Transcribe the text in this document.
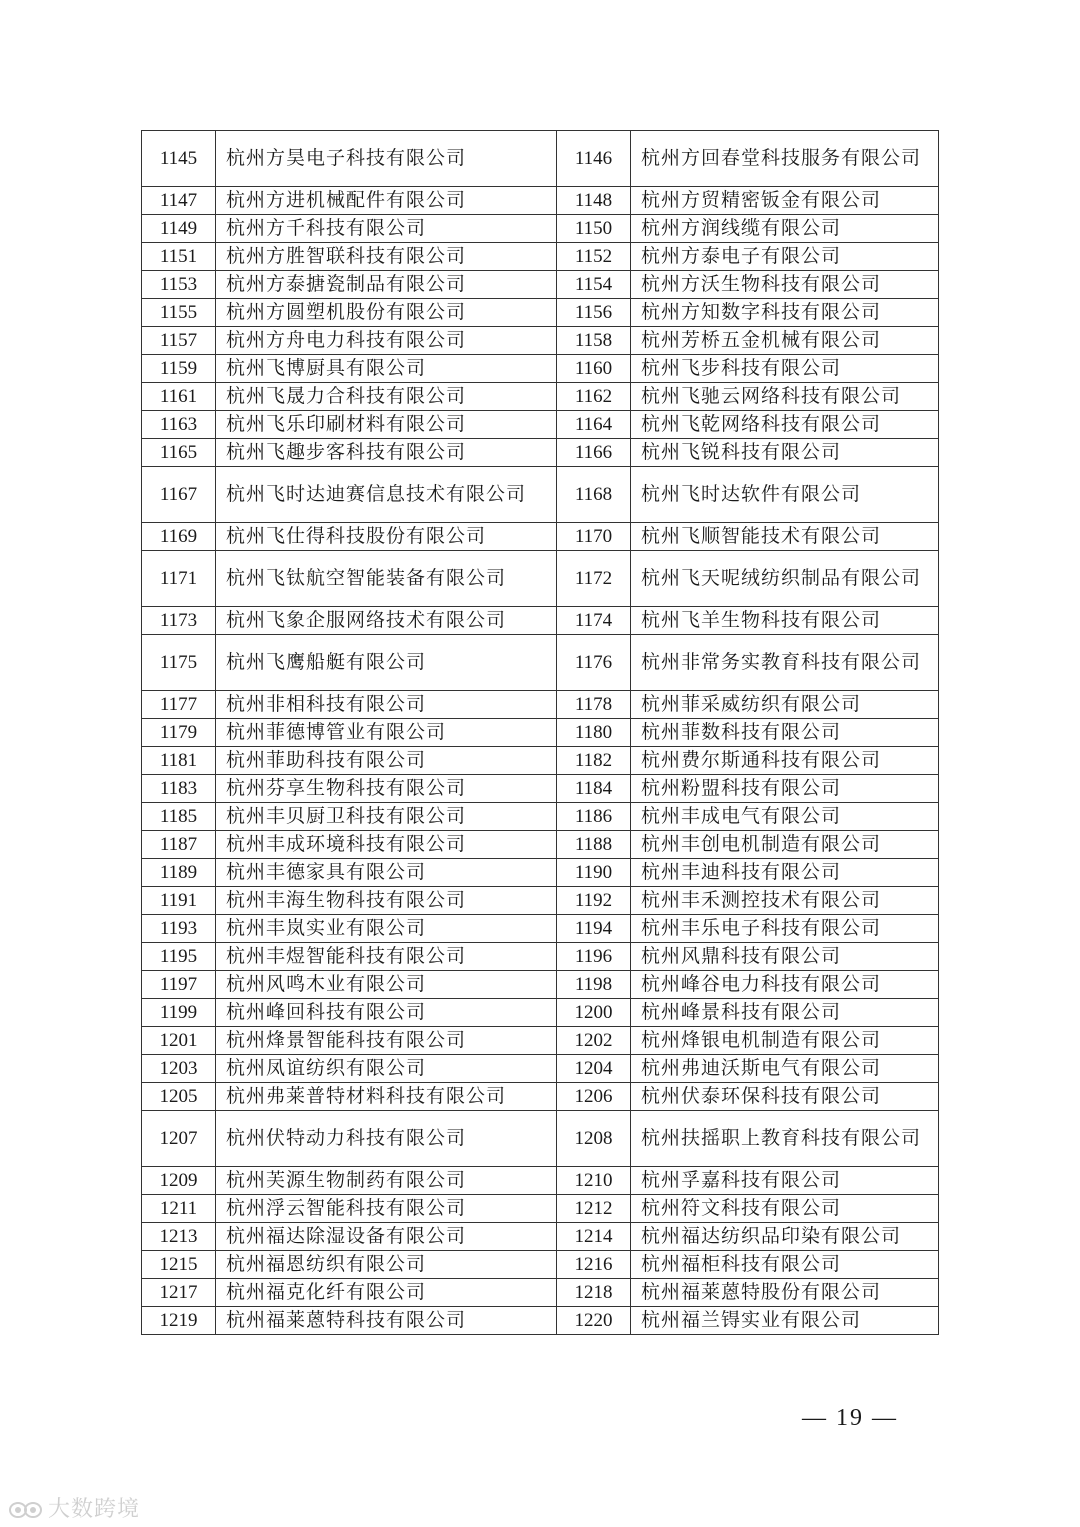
1145	杭州方昊电子科技有限公司	1146	杭州方回春堂科技服务有限公司
1147	杭州方进机械配件有限公司	1148	杭州方贸精密钣金有限公司
1149	杭州方千科技有限公司	1150	杭州方润线缆有限公司
1151	杭州方胜智联科技有限公司	1152	杭州方泰电子有限公司
1153	杭州方泰搪瓷制品有限公司	1154	杭州方沃生物科技有限公司
1155	杭州方圆塑机股份有限公司	1156	杭州方知数字科技有限公司
1157	杭州方舟电力科技有限公司	1158	杭州芳桥五金机械有限公司
1159	杭州飞博厨具有限公司	1160	杭州飞步科技有限公司
1161	杭州飞晟力合科技有限公司	1162	杭州飞驰云网络科技有限公司
1163	杭州飞乐印刷材料有限公司	1164	杭州飞乾网络科技有限公司
1165	杭州飞趣步客科技有限公司	1166	杭州飞锐科技有限公司
1167	杭州飞时达迪赛信息技术有限公司	1168	杭州飞时达软件有限公司
1169	杭州飞仕得科技股份有限公司	1170	杭州飞顺智能技术有限公司
1171	杭州飞钛航空智能装备有限公司	1172	杭州飞天呢绒纺织制品有限公司
1173	杭州飞象企服网络技术有限公司	1174	杭州飞羊生物科技有限公司
1175	杭州飞鹰船艇有限公司	1176	杭州非常务实教育科技有限公司
1177	杭州非相科技有限公司	1178	杭州菲采威纺织有限公司
1179	杭州菲德博管业有限公司	1180	杭州菲数科技有限公司
1181	杭州菲助科技有限公司	1182	杭州费尔斯通科技有限公司
1183	杭州芬享生物科技有限公司	1184	杭州粉盟科技有限公司
1185	杭州丰贝厨卫科技有限公司	1186	杭州丰成电气有限公司
1187	杭州丰成环境科技有限公司	1188	杭州丰创电机制造有限公司
1189	杭州丰德家具有限公司	1190	杭州丰迪科技有限公司
1191	杭州丰海生物科技有限公司	1192	杭州丰禾测控技术有限公司
1193	杭州丰岚实业有限公司	1194	杭州丰乐电子科技有限公司
1195	杭州丰煜智能科技有限公司	1196	杭州风鼎科技有限公司
1197	杭州风鸣木业有限公司	1198	杭州峰谷电力科技有限公司
1199	杭州峰回科技有限公司	1200	杭州峰景科技有限公司
1201	杭州烽景智能科技有限公司	1202	杭州烽银电机制造有限公司
1203	杭州凤谊纺织有限公司	1204	杭州弗迪沃斯电气有限公司
1205	杭州弗莱普特材料科技有限公司	1206	杭州伏泰环保科技有限公司
1207	杭州伏特动力科技有限公司	1208	杭州扶摇职上教育科技有限公司
1209	杭州芙源生物制药有限公司	1210	杭州孚嘉科技有限公司
1211	杭州浮云智能科技有限公司	1212	杭州符文科技有限公司
1213	杭州福达除湿设备有限公司	1214	杭州福达纺织品印染有限公司
1215	杭州福恩纺织有限公司	1216	杭州福柜科技有限公司
1217	杭州福克化纤有限公司	1218	杭州福莱蒽特股份有限公司
1219	杭州福莱蒽特科技有限公司	1220	杭州福兰锝实业有限公司
— 19 —
大数跨境
